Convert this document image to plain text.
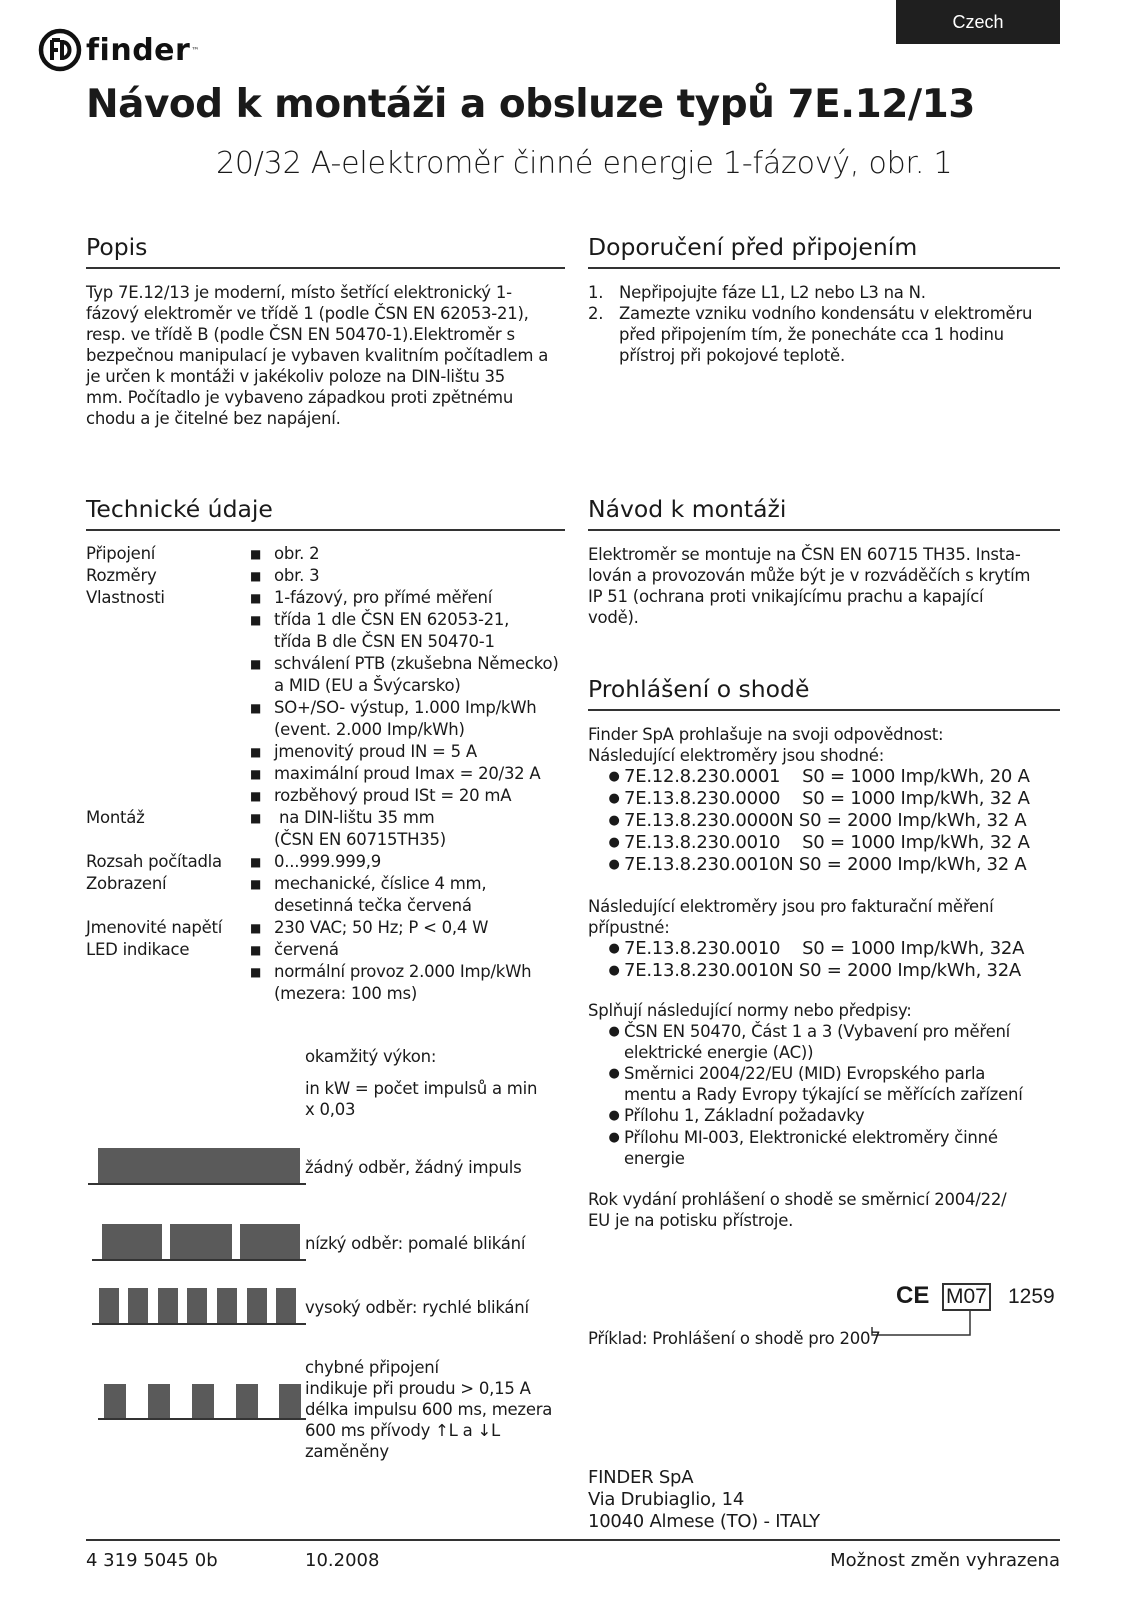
Czech
finder ™
Návod k montáži a obsluze typů 7E.12/13
20/32 A-elektroměr činné energie 1-fázový, obr. 1
Popis
Typ 7E.12/13 je moderní, místo šetřící elektronický 1-
fázový elektroměr ve třídě 1 (podle ČSN EN 62053-21),
resp. ve třídě B (podle ČSN EN 50470-1).Elektroměr s
bezpečnou manipulací je vybaven kvalitním počítadlem a
je určen k montáži v jakékoliv poloze na DIN-lištu 35
mm. Počítadlo je vybaveno západkou proti zpětnému
chodu a je čitelné bez napájení.
Doporučení před připojením
1. Nepřipojujte fáze L1, L2 nebo L3 na N.
2. Zamezte vzniku vodního kondensátu v elektroměru
před připojením tím, že ponecháte cca 1 hodinu
přístroj při pokojové teplotě.
Technické údaje
Připojení	■ obr. 2
Rozměry	■ obr. 3
Vlastnosti	■ 1-fázový, pro přímé měření
■ třída 1 dle ČSN EN 62053-21,
třída B dle ČSN EN 50470-1
■ schválení PTB (zkušebna Německo)
a MID (EU a Švýcarsko)
■ SO+/SO- výstup, 1.000 Imp/kWh
(event. 2.000 Imp/kWh)
■ jmenovitý proud IN = 5 A
■ maximální proud Imax = 20/32 A
■ rozběhový proud ISt = 20 mA
Montáž	■ na DIN-lištu 35 mm
(ČSN EN 60715TH35)
Rozsah počítadla	■ 0...999.999,9
Zobrazení	■ mechanické, číslice 4 mm,
desetinná tečka červená
Jmenovité napětí	■ 230 VAC; 50 Hz; P < 0,4 W
LED indikace	■ červená
■ normální provoz 2.000 Imp/kWh
(mezera: 100 ms)
okamžitý výkon:
in kW = počet impulsů a min
x 0,03
žádný odběr, žádný impuls
nízký odběr: pomalé blikání
vysoký odběr: rychlé blikání
chybné připojení
indikuje při proudu > 0,15 A
délka impulsu 600 ms, mezera
600 ms přívody ↑L a ↓L
zaměněny
Návod k montáži
Elektroměr se montuje na ČSN EN 60715 TH35. Insta-
lován a provozován může být je v rozváděčích s krytím
IP 51 (ochrana proti vnikajícímu prachu a kapající
vodě).
Prohlášení o shodě
Finder SpA prohlašuje na svoji odpovědnost:
Následující elektroměry jsou shodné:
● 7E.12.8.230.0001    S0 = 1000 Imp/kWh, 20 A
● 7E.13.8.230.0000    S0 = 1000 Imp/kWh, 32 A
● 7E.13.8.230.0000N S0 = 2000 Imp/kWh, 32 A
● 7E.13.8.230.0010    S0 = 1000 Imp/kWh, 32 A
● 7E.13.8.230.0010N S0 = 2000 Imp/kWh, 32 A
Následující elektroměry jsou pro fakturační měření
přípustné:
● 7E.13.8.230.0010    S0 = 1000 Imp/kWh, 32A
● 7E.13.8.230.0010N S0 = 2000 Imp/kWh, 32A
Splňují následující normy nebo předpisy:
● ČSN EN 50470, Část 1 a 3 (Vybavení pro měření
elektrické energie (AC))
● Směrnici 2004/22/EU (MID) Evropského parla
mentu a Rady Evropy týkající se měřících zařízení
● Přílohu 1, Základní požadavky
● Přílohu MI-003, Elektronické elektroměry činné
energie
Rok vydání prohlášení o shodě se směrnicí 2004/22/
EU je na potisku přístroje.
CE M07 1259
Příklad: Prohlášení o shodě pro 2007
FINDER SpA
Via Drubiaglio, 14
10040 Almese (TO) - ITALY
4 319 5045 0b	10.2008	Možnost změn vyhrazena
